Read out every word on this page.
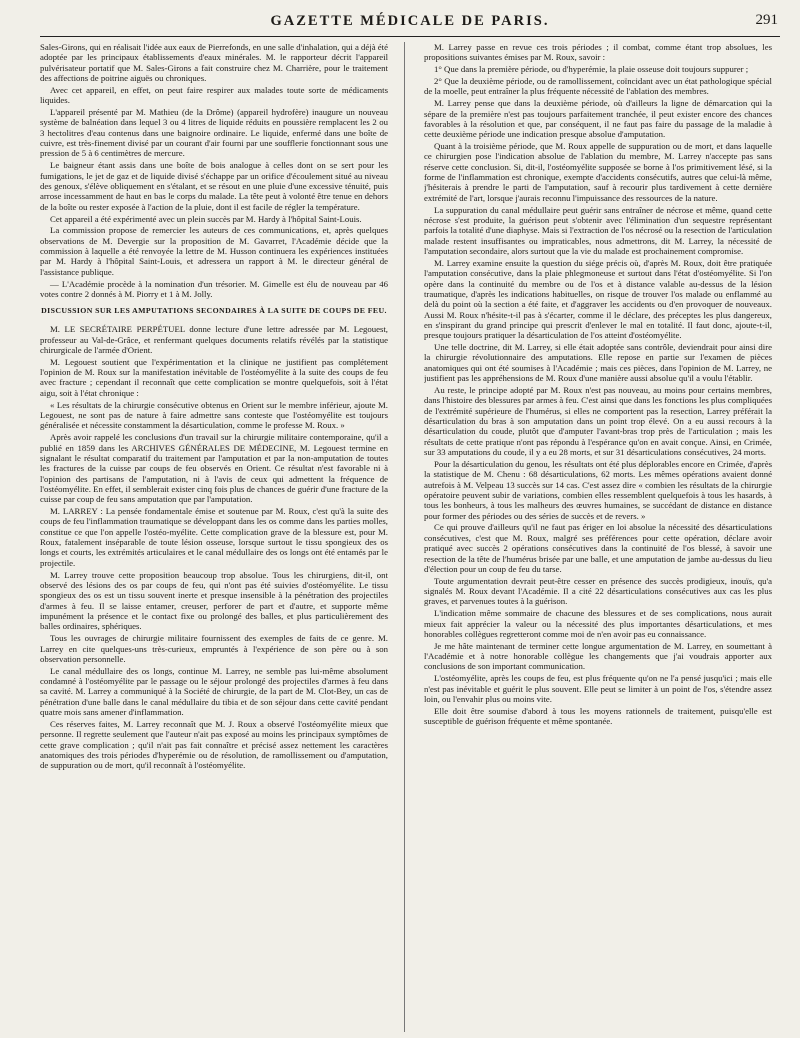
GAZETTE MÉDICALE DE PARIS.	291

Sales-Girons, qui en réalisait l'idée aux eaux de Pierrefonds, en une salle d'inhalation, qui a déjà été adoptée par les principaux établissements d'eaux minérales. M. le rapporteur décrit l'appareil pulvérisateur portatif que M. Sales-Girons a fait construire chez M. Charrière, pour le traitement des affections de poitrine aiguës ou chroniques.

Avec cet appareil, en effet, on peut faire respirer aux malades toute sorte de médicaments liquides.

L'appareil présenté par M. Mathieu (de la Drôme) (appareil hydrofère) inaugure un nouveau système de balnéation dans lequel 3 ou 4 litres de liquide réduits en poussière remplacent les 2 ou 3 hectolitres d'eau contenus dans une baignoire ordinaire. Le liquide, enfermé dans une boîte de cuivre, est très-finement divisé par un courant d'air fourni par une soufflerie fonctionnant sous une pression de 5 à 6 centimètres de mercure.

Le baigneur étant assis dans une boîte de bois analogue à celles dont on se sert pour les fumigations, le jet de gaz et de liquide divisé s'échappe par un orifice d'écoulement situé au niveau des genoux, s'élève obliquement en s'étalant, et se résout en une pluie d'une excessive ténuité, puis arrose incessamment de haut en bas le corps du malade. La tête peut à volonté être tenue en dehors de la boîte ou rester exposée à l'action de la pluie, dont il est facile de régler la température.

Cet appareil a été expérimenté avec un plein succès par M. Hardy à l'hôpital Saint-Louis.

La commission propose de remercier les auteurs de ces communications, et, après quelques observations de M. Devergie sur la proposition de M. Gavarret, l'Académie décide que la commission à laquelle a été renvoyée la lettre de M. Husson continuera les expériences instituées par M. Hardy à l'hôpital Saint-Louis, et adressera un rapport à M. le directeur général de l'assistance publique.

— L'Académie procède à la nomination d'un trésorier. M. Gimelle est élu de nouveau par 46 votes contre 2 donnés à M. Piorry et 1 à M. Jolly.

DISCUSSION SUR LES AMPUTATIONS SECONDAIRES À LA SUITE DE COUPS DE FEU.

M. LE SECRÉTAIRE PERPÉTUEL donne lecture d'une lettre adressée par M. Legouest, professeur au Val-de-Grâce, et renfermant quelques documents relatifs révélés par la statistique chirurgicale de l'armée d'Orient.

M. Legouest soutient que l'expérimentation et la clinique ne justifient pas complétement l'opinion de M. Roux sur la manifestation inévitable de l'ostéomyélite à la suite des coups de feu avec fracture ; cependant il reconnaît que cette complication se montre quelquefois, soit à l'état aigu, soit à l'état chronique :

« Les résultats de la chirurgie consécutive obtenus en Orient sur le membre inférieur, ajoute M. Legouest, ne sont pas de nature à faire admettre sans conteste que l'ostéomyélite est toujours généralisée et nécessite constamment la désarticulation, comme le professe M. Roux. »

Après avoir rappelé les conclusions d'un travail sur la chirurgie militaire contemporaine, qu'il a publié en 1859 dans les ARCHIVES GÉNÉRALES DE MÉDECINE, M. Legouest termine en signalant le résultat comparatif du traitement par l'amputation et par la non-amputation de toutes les fractures de la cuisse par coups de feu observés en Orient. Ce résultat n'est favorable ni à l'opinion des partisans de l'amputation, ni à l'avis de ceux qui admettent la fréquence de l'ostéomyélite. En effet, il semblerait exister cinq fois plus de chances de guérir d'une fracture de la cuisse par coup de feu sans amputation que par l'amputation.

M. LARREY : La pensée fondamentale émise et soutenue par M. Roux, c'est qu'à la suite des coups de feu l'inflammation traumatique se développant dans les os comme dans les parties molles, constitue ce que l'on appelle l'ostéo-myélite. Cette complication grave de la blessure est, pour M. Roux, fatalement inséparable de toute lésion osseuse, lorsque surtout le tissu spongieux des os longs et courts, les extrémités articulaires et le canal médullaire des os longs ont été entamés par le projectile.

M. Larrey trouve cette proposition beaucoup trop absolue. Tous les chirurgiens, dit-il, ont observé des lésions des os par coups de feu, qui n'ont pas été suivies d'ostéomyélite. Le tissu spongieux des os est un tissu souvent inerte et presque insensible à la pénétration des projectiles d'armes à feu. Il se laisse entamer, creuser, perforer de part et d'autre, et supporte même impunément la présence et le contact fixe ou prolongé des balles, et plus particulièrement des balles ordinaires, sphériques.

Tous les ouvrages de chirurgie militaire fournissent des exemples de faits de ce genre. M. Larrey en cite quelques-uns très-curieux, empruntés à l'expérience de son père ou à son observation personnelle.

Le canal médullaire des os longs, continue M. Larrey, ne semble pas lui-même absolument condamné à l'ostéomyélite par le passage ou le séjour prolongé des projectiles d'armes à feu dans sa cavité. M. Larrey a communiqué à la Société de chirurgie, de la part de M. Clot-Bey, un cas de pénétration d'une balle dans le canal médullaire du tibia et de son séjour dans cette cavité pendant quatre mois sans amener d'inflammation.

Ces réserves faites, M. Larrey reconnaît que M. J. Roux a observé l'ostéomyélite mieux que personne. Il regrette seulement que l'auteur n'ait pas exposé au moins les principaux symptômes de cette grave complication ; qu'il n'ait pas fait connaître et précisé assez nettement les caractères anatomiques des trois périodes d'hyperémie ou de résolution, de ramollissement ou d'amputation, de suppuration ou de mort, qu'il reconnaît à l'ostéomyélite.

M. Larrey passe en revue ces trois périodes ; il combat, comme étant trop absolues, les propositions suivantes émises par M. Roux, savoir :

1° Que dans la première période, ou d'hyperémie, la plaie osseuse doit toujours suppurer ;

2° Que la deuxième période, ou de ramollissement, coïncidant avec un état pathologique spécial de la moelle, peut entraîner la plus fréquente nécessité de l'ablation des membres.

M. Larrey pense que dans la deuxième période, où d'ailleurs la ligne de démarcation qui la sépare de la première n'est pas toujours parfaitement tranchée, il peut exister encore des chances favorables à la résolution et que, par conséquent, il ne faut pas faire du passage de la maladie à cette deuxième période une indication presque absolue d'amputation.

Quant à la troisième période, que M. Roux appelle de suppuration ou de mort, et dans laquelle ce chirurgien pose l'indication absolue de l'ablation du membre, M. Larrey n'accepte pas sans réserve cette conclusion. Si, dit-il, l'ostéomyélite supposée se borne à l'os primitivement lésé, si la forme de l'inflammation est chronique, exempte d'accidents consécutifs, autres que celui-là même, j'hésiterais à prendre le parti de l'amputation, sauf à recourir plus tardivement à cette dernière extrémité de l'art, lorsque j'aurais reconnu l'impuissance des ressources de la nature.

La suppuration du canal médullaire peut guérir sans entraîner de nécrose et même, quand cette nécrose s'est produite, la guérison peut s'obtenir avec l'élimination d'un sequestre représentant parfois la totalité d'une diaphyse. Mais si l'extraction de l'os nécrosé ou la resection de l'articulation malade restent insuffisantes ou impraticables, nous admettrons, dit M. Larrey, la nécessité de l'amputation secondaire, alors surtout que la vie du malade est prochainement compromise.

M. Larrey examine ensuite la question du siége précis où, d'après M. Roux, doit être pratiquée l'amputation consécutive, dans la plaie phlegmoneuse et surtout dans l'état d'ostéomyélite. Si l'on opère dans la continuité du membre ou de l'os et à distance valable au-dessus de la lésion traumatique, d'après les indications habituelles, on risque de trouver l'os malade ou enflammé au delà du point où la section a été faite, et d'aggraver les accidents ou d'en provoquer de nouveaux. Aussi M. Roux n'hésite-t-il pas à s'écarter, comme il le déclare, des préceptes les plus dangereux, en s'inspirant du grand principe qui prescrit d'enlever le mal en totalité. Il faut donc, ajoute-t-il, presque toujours pratiquer la désarticulation de l'os atteint d'ostéomyélite.

Une telle doctrine, dit M. Larrey, si elle était adoptée sans contrôle, deviendrait pour ainsi dire la chirurgie révolutionnaire des amputations. Elle repose en partie sur l'examen de pièces anatomiques qui ont été soumises à l'Académie ; mais ces pièces, dans l'opinion de M. Larrey, ne justifient pas les appréhensions de M. Roux d'une manière aussi absolue qu'il a voulu l'établir.

Au reste, le principe adopté par M. Roux n'est pas nouveau, au moins pour certains membres, dans l'histoire des blessures par armes à feu. C'est ainsi que dans les fonctions les plus compliquées de l'extrémité supérieure de l'humérus, si elles ne comportent pas la resection, Larrey préférait la désarticulation du bras à son amputation dans un point trop élevé. On a eu aussi recours à la désarticulation du coude, plutôt que d'amputer l'avant-bras trop près de l'articulation ; mais les résultats de cette pratique n'ont pas répondu à l'espérance qu'on en avait conçue. Ainsi, en Crimée, sur 33 amputations du coude, il y a eu 28 morts, et sur 31 désarticulations consécutives, 24 morts.

Pour la désarticulation du genou, les résultats ont été plus déplorables encore en Crimée, d'après la statistique de M. Chenu : 68 désarticulations, 62 morts. Les mêmes opérations avaient donné autrefois à M. Velpeau 13 succès sur 14 cas. C'est assez dire « combien les résultats de la chirurgie opératoire peuvent subir de variations, combien elles ressemblent quelquefois à tous les hasards, à tous les bonheurs, à tous les malheurs des œuvres humaines, se succédant de distance en distance pour former des périodes ou des séries de succès et de revers. »

Ce qui prouve d'ailleurs qu'il ne faut pas ériger en loi absolue la nécessité des désarticulations consécutives, c'est que M. Roux, malgré ses préférences pour cette opération, déclare avoir pratiqué avec succès 2 opérations consécutives dans la continuité de l'os blessé, à savoir une resection de la tête de l'humérus brisée par une balle, et une amputation de jambe au-dessus du lieu d'élection pour un coup de feu du tarse.

Toute argumentation devrait peut-être cesser en présence des succès prodigieux, inouïs, qu'a signalés M. Roux devant l'Académie. Il a cité 22 désarticulations consécutives aux cas les plus graves, et parvenues toutes à la guérison.

L'indication même sommaire de chacune des blessures et de ses complications, nous aurait mieux fait apprécier la valeur ou la nécessité des plus importantes désarticulations, et mes honorables collègues regretteront comme moi de n'en avoir pas eu connaissance.

Je me hâte maintenant de terminer cette longue argumentation de M. Larrey, en soumettant à l'Académie et à notre honorable collègue les changements que j'ai voudrais apporter aux conclusions de son important communication.

L'ostéomyélite, après les coups de feu, est plus fréquente qu'on ne l'a pensé jusqu'ici ; mais elle n'est pas inévitable et guérit le plus souvent. Elle peut se limiter à un point de l'os, s'étendre assez loin, ou l'envahir plus ou moins vite.

Elle doit être soumise d'abord à tous les moyens rationnels de traitement, puisqu'elle est susceptible de guérison fréquente et même spontanée.
